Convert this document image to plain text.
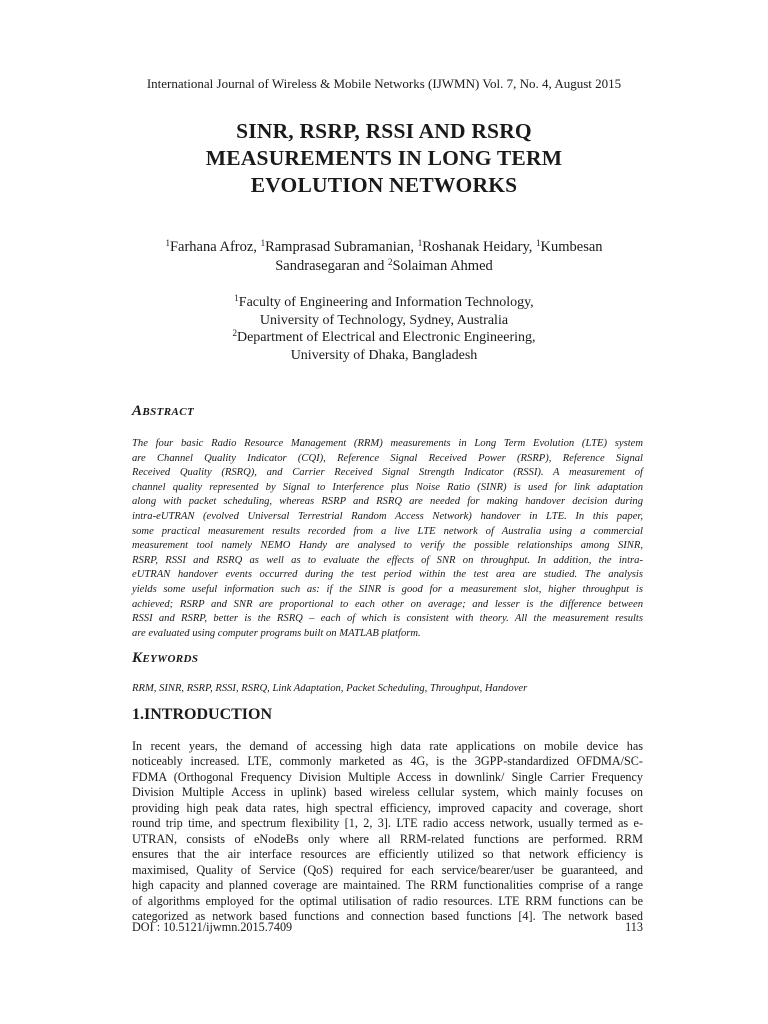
International Journal of Wireless & Mobile Networks (IJWMN) Vol. 7, No. 4, August 2015
SINR, RSRP, RSSI AND RSRQ
MEASUREMENTS IN LONG TERM
EVOLUTION NETWORKS
$^1$Farhana Afroz, $^1$Ramprasad Subramanian, $^1$Roshanak Heidary, $^1$Kumbesan
Sandrasegaran and $^2$Solaiman Ahmed
$^1$Faculty of Engineering and Information Technology,
University of Technology, Sydney, Australia
$^2$Department of Electrical and Electronic Engineering,
University of Dhaka, Bangladesh
ABSTRACT
The four basic Radio Resource Management (RRM) measurements in Long Term Evolution (LTE) system
are Channel Quality Indicator (CQI), Reference Signal Received Power (RSRP), Reference Signal
Received Quality (RSRQ), and Carrier Received Signal Strength Indicator (RSSI). A measurement of
channel quality represented by Signal to Interference plus Noise Ratio (SINR) is used for link adaptation
along with packet scheduling, whereas RSRP and RSRQ are needed for making handover decision during
intra-eUTRAN (evolved Universal Terrestrial Random Access Network) handover in LTE. In this paper,
some practical measurement results recorded from a live LTE network of Australia using a commercial
measurement tool namely NEMO Handy are analysed to verify the possible relationships among SINR,
RSRP, RSSI and RSRQ as well as to evaluate the effects of SNR on throughput. In addition, the intra-
eUTRAN handover events occurred during the test period within the test area are studied. The analysis
yields some useful information such as: if the SINR is good for a measurement slot, higher throughput is
achieved; RSRP and SNR are proportional to each other on average; and lesser is the difference between
RSSI and RSRP, better is the RSRQ – each of which is consistent with theory. All the measurement results
are evaluated using computer programs built on MATLAB platform.
KEYWORDS
RRM, SINR, RSRP, RSSI, RSRQ, Link Adaptation, Packet Scheduling, Throughput, Handover
1.INTRODUCTION
In recent years, the demand of accessing high data rate applications on mobile device has
noticeably increased. LTE, commonly marketed as 4G, is the 3GPP-standardized OFDMA/SC-
FDMA (Orthogonal Frequency Division Multiple Access in downlink/ Single Carrier Frequency
Division Multiple Access in uplink) based wireless cellular system, which mainly focuses on
providing high peak data rates, high spectral efficiency, improved capacity and coverage, short
round trip time, and spectrum flexibility [1, 2, 3]. LTE radio access network, usually termed as e-
UTRAN, consists of eNodeBs only where all RRM-related functions are performed. RRM
ensures that the air interface resources are efficiently utilized so that network efficiency is
maximised, Quality of Service (QoS) required for each service/bearer/user be guaranteed, and
high capacity and planned coverage are maintained. The RRM functionalities comprise of a range
of algorithms employed for the optimal utilisation of radio resources. LTE RRM functions can be
categorized as network based functions and connection based functions [4]. The network based
DOI : 10.5121/ijwmn.2015.7409	113
